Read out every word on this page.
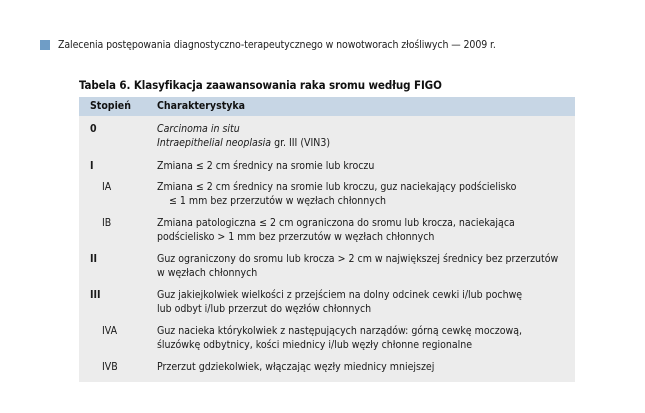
Zalecenia postępowania diagnostyczno-terapeutycznego w nowotworach złośliwych — 2009 r.
Tabela 6. Klasyfikacja zaawansowania raka sromu według FIGO
Stopień Charakterystyka
0	Carcinoma in situ
Intraepithelial neoplasia gr. III (VIN3)
I	Zmiana ≤ 2 cm średnicy na sromie lub kroczu
IA	Zmiana ≤ 2 cm średnicy na sromie lub kroczu, guz naciekający podścielisko
≤ 1 mm bez przerzutów w węzłach chłonnych
IB	Zmiana patologiczna ≤ 2 cm ograniczona do sromu lub krocza, naciekająca
podścielisko > 1 mm bez przerzutów w węzłach chłonnych
II	Guz ograniczony do sromu lub krocza > 2 cm w największej średnicy bez przerzutów
w węzłach chłonnych
III	Guz jakiejkolwiek wielkości z przejściem na dolny odcinek cewki i/lub pochwę
lub odbyt i/lub przerzut do węzłów chłonnych
IVA	Guz nacieka którykolwiek z następujących narządów: górną cewkę moczową,
śluzówkę odbytnicy, kości miednicy i/lub węzły chłonne regionalne
IVB	Przerzut gdziekolwiek, włączając węzły miednicy mniejszej
